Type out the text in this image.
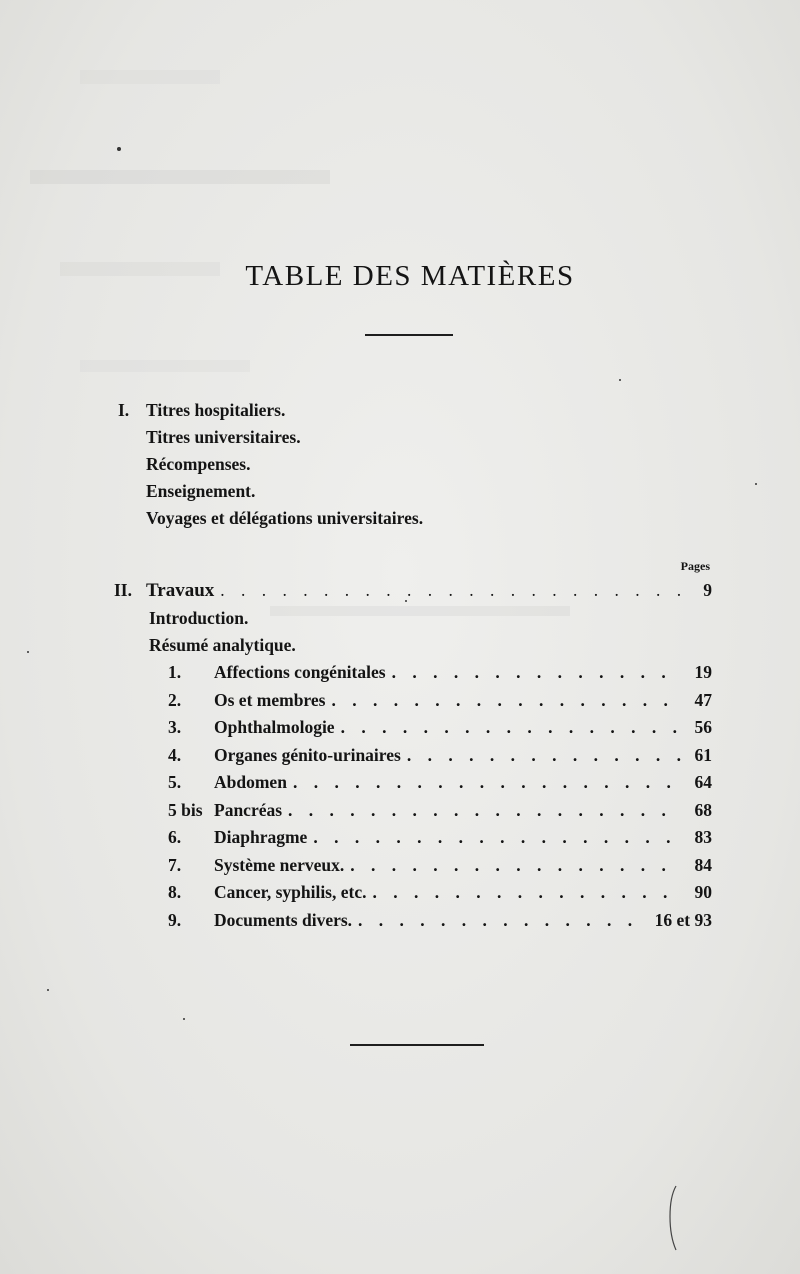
TABLE DES MATIÈRES
I. Titres hospitaliers.
Titres universitaires.
Récompenses.
Enseignement.
Voyages et délégations universitaires.
Pages
II. Travaux . . .	9
Introduction.
Résumé analytique.
1.	Affections congénitales . . .	19
2.	Os et membres . . .	47
3.	Ophthalmologie . . .	56
4.	Organes génito-urinaires . . .	61
5.	Abdomen . . .	64
5 bis Pancréas . . .	68
6.	Diaphragme . . .	83
7.	Système nerveux. . . .	84
8.	Cancer, syphilis, etc. . . .	90
9.	Documents divers. . . .	16 et 93
